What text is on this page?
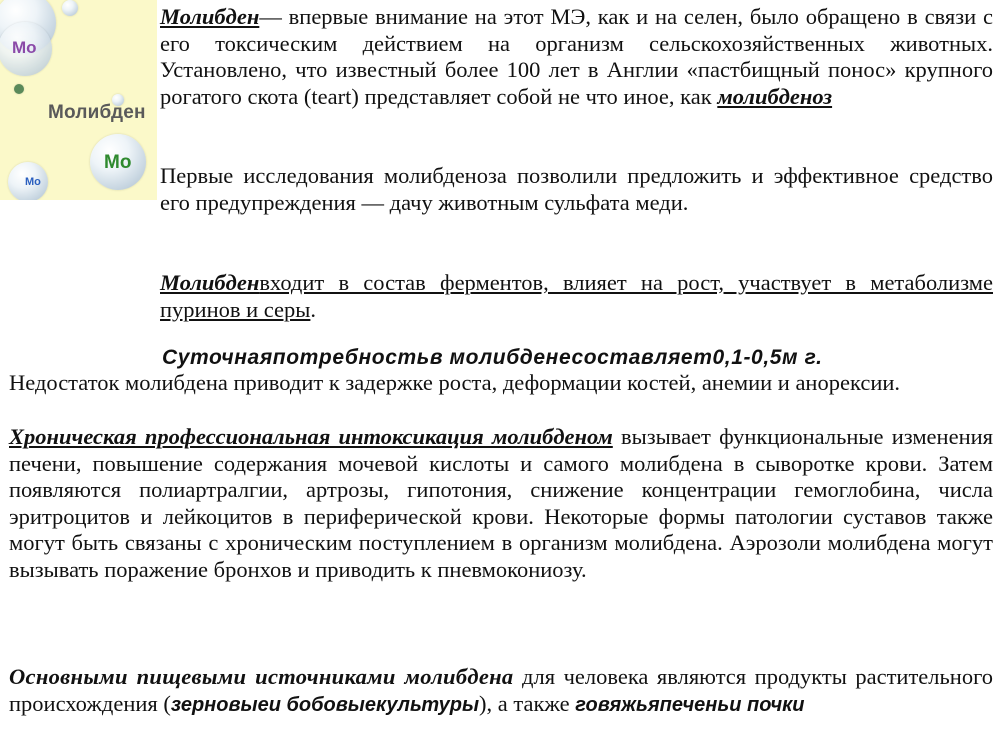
Mo
Молибден
Mo
Mo

Молибден— впервые внимание на этот МЭ, как и на селен, было обращено в связи с его токсическим действием на организм сельскохозяйственных животных. Установлено, что известный более 100 лет в Англии «пастбищный понос» крупного рогатого скота (teart) представляет собой не что иное, как молибденоз

Первые исследования молибденоза позволили предложить и эффективное средство его предупреждения — дачу животным сульфата меди.

Молибденвходит в состав ферментов, влияет на рост, участвует в метаболизме пуринов и серы.

Суточнаяпотребностьв молибденесоставляет0,1-0,5м г.

Недостаток молибдена приводит к задержке роста, деформации костей, анемии и анорексии.

Хроническая профессиональная интоксикация молибденом вызывает функциональные изменения печени, повышение содержания мочевой кислоты и самого молибдена в сыворотке крови. Затем появляются полиартралгии, артрозы, гипотония, снижение концентрации гемоглобина, числа эритроцитов и лейкоцитов в периферической крови. Некоторые формы патологии суставов также могут быть связаны с хроническим поступлением в организм молибдена. Аэрозоли молибдена могут вызывать поражение бронхов и приводить к пневмокониозу.

Основными пищевыми источниками молибдена для человека являются продукты растительного происхождения (зерновыеи бобовыекультуры), а также говяжьяпеченьи почки
